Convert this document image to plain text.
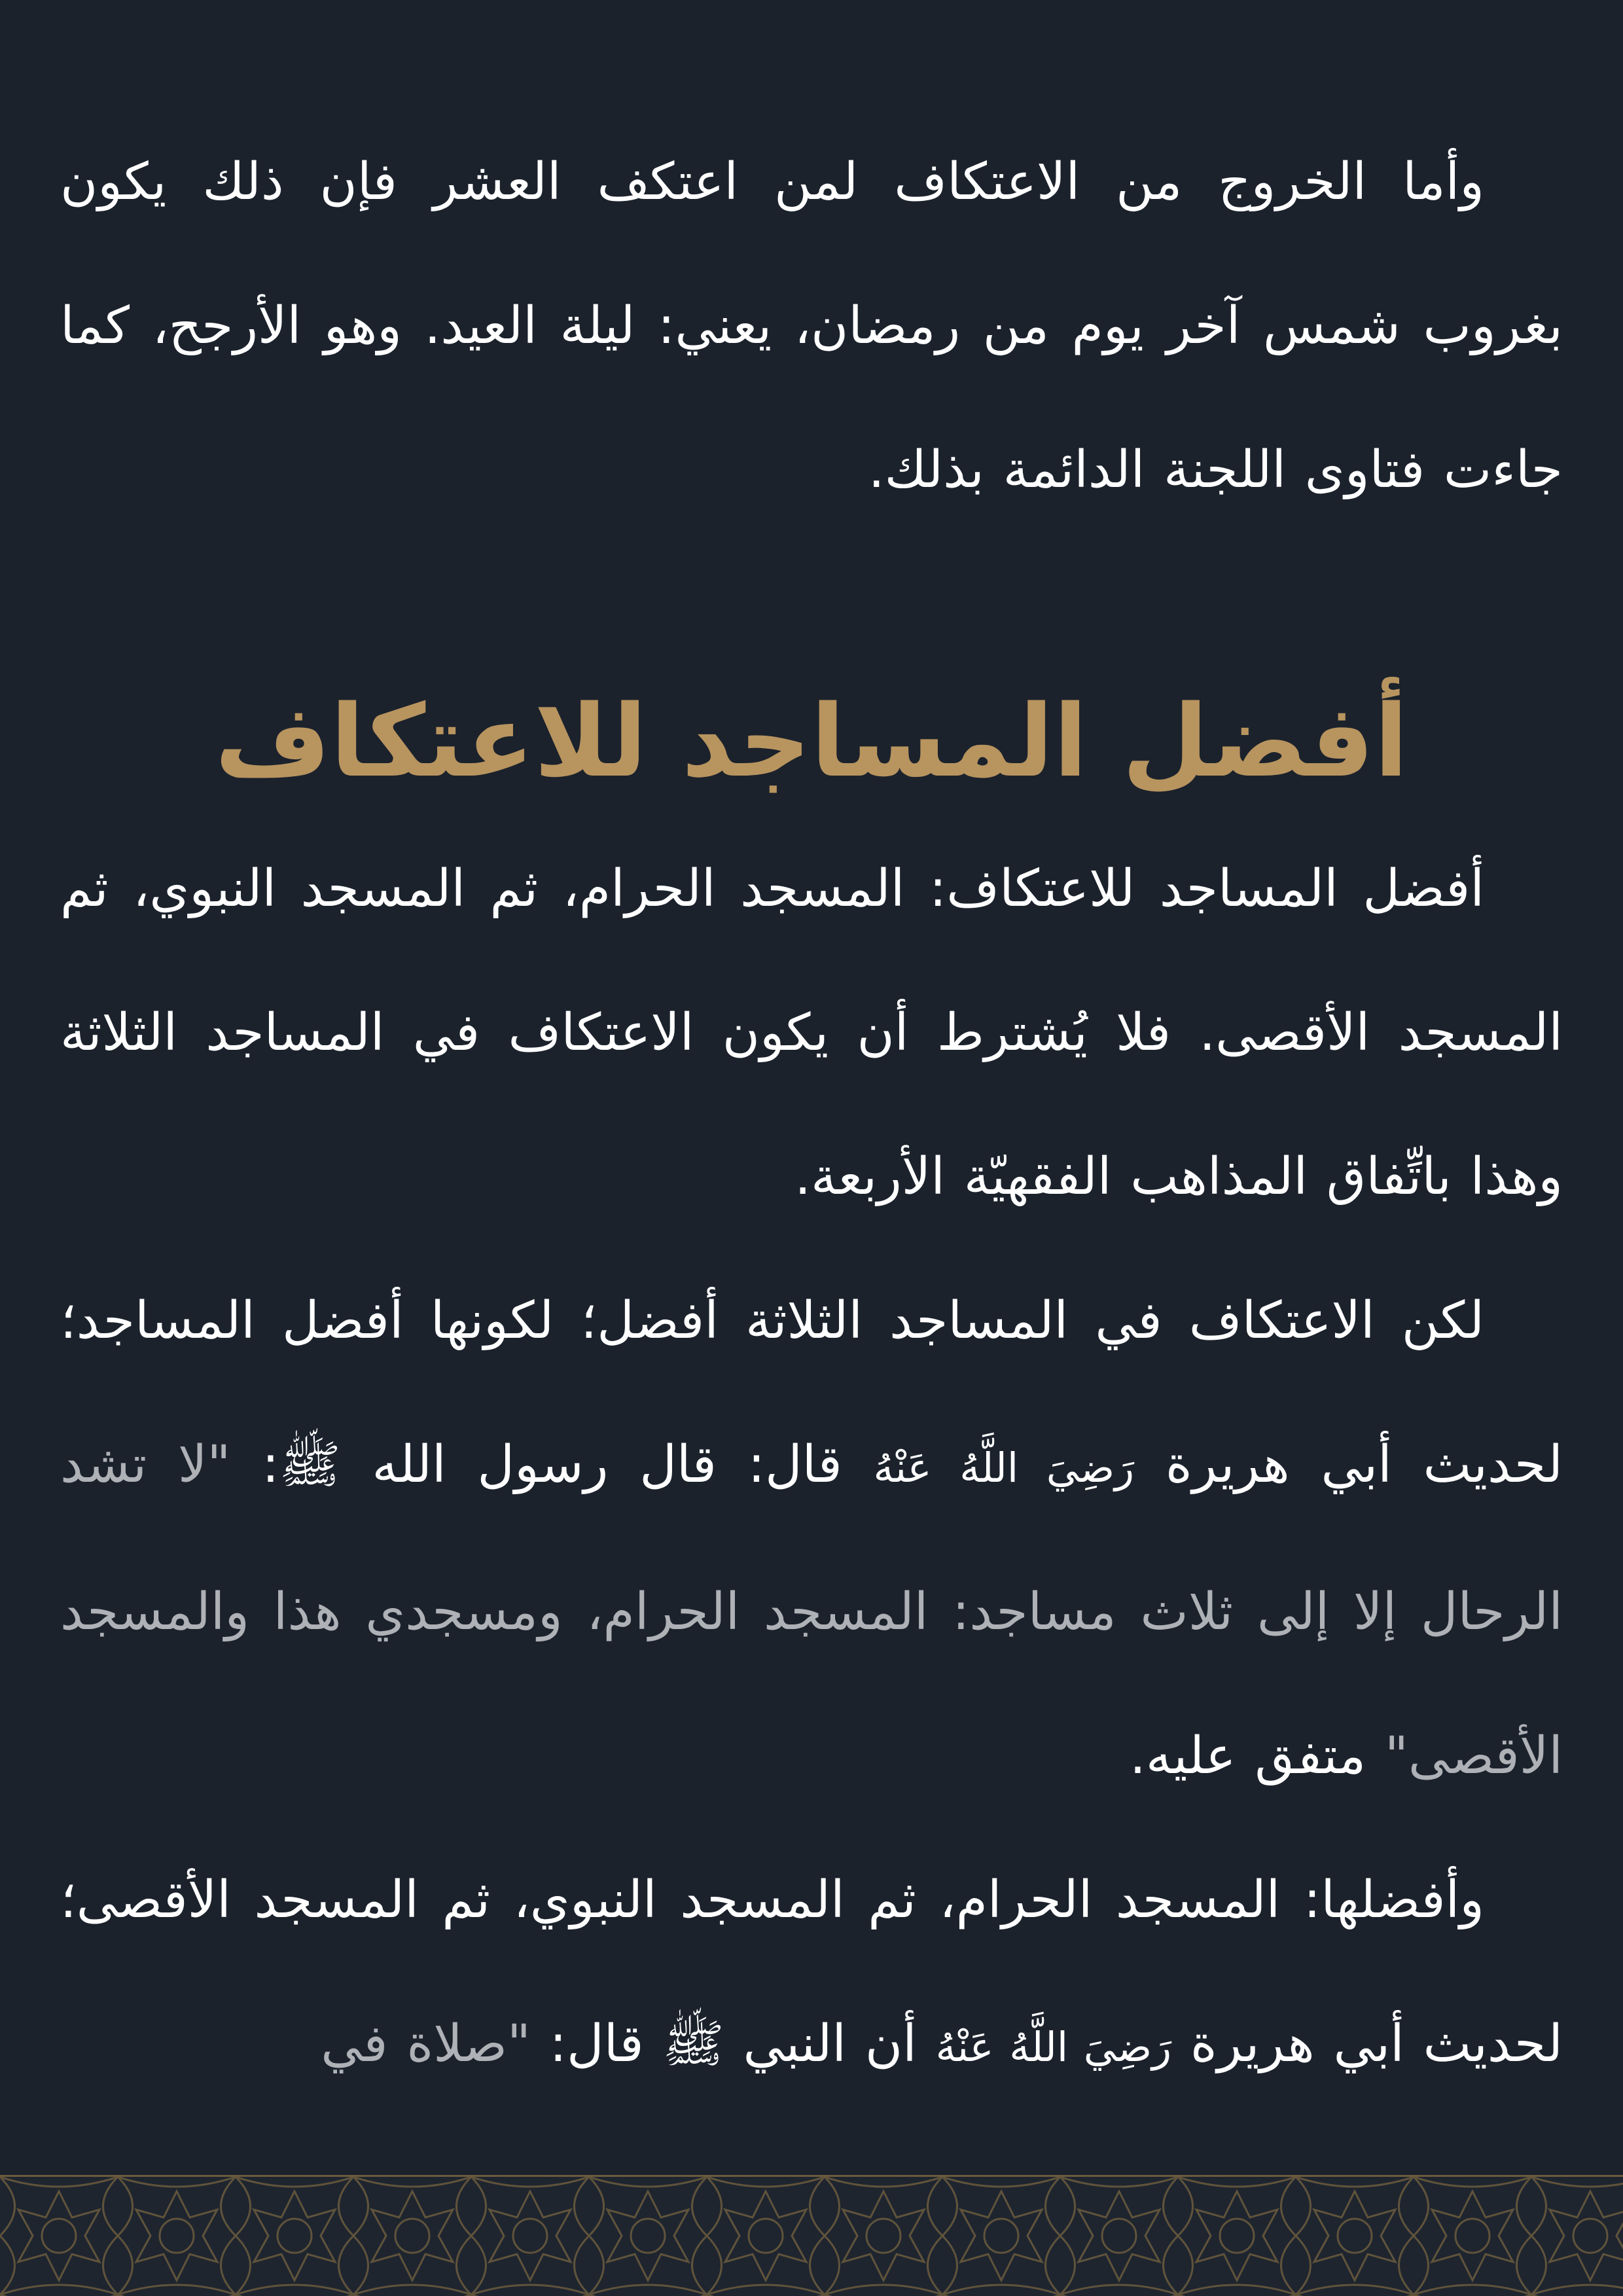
وأما الخروج من الاعتكاف لمن اعتكف العشر فإن ذلك يكون بغروب شمس آخر يوم من رمضان، يعني: ليلة العيد. وهو الأرجح، كما جاءت فتاوى اللجنة الدائمة بذلك.

أفضل المساجد للاعتكاف

أفضل المساجد للاعتكاف: المسجد الحرام، ثم المسجد النبوي، ثم المسجد الأقصى. فلا يُشترط أن يكون الاعتكاف في المساجد الثلاثة وهذا باتِّفاق المذاهب الفقهيّة الأربعة.

لكن الاعتكاف في المساجد الثلاثة أفضل؛ لكونها أفضل المساجد؛ لحديث أبي هريرة رَضِيَ اللَّهُ عَنْهُ قال: قال رسول الله ﷺ: "لا تشد الرحال إلا إلى ثلاث مساجد: المسجد الحرام، ومسجدي هذا والمسجد الأقصى" متفق عليه.

وأفضلها: المسجد الحرام، ثم المسجد النبوي، ثم المسجد الأقصى؛ لحديث أبي هريرة رَضِيَ اللَّهُ عَنْهُ أن النبي ﷺ قال: "صلاة في
